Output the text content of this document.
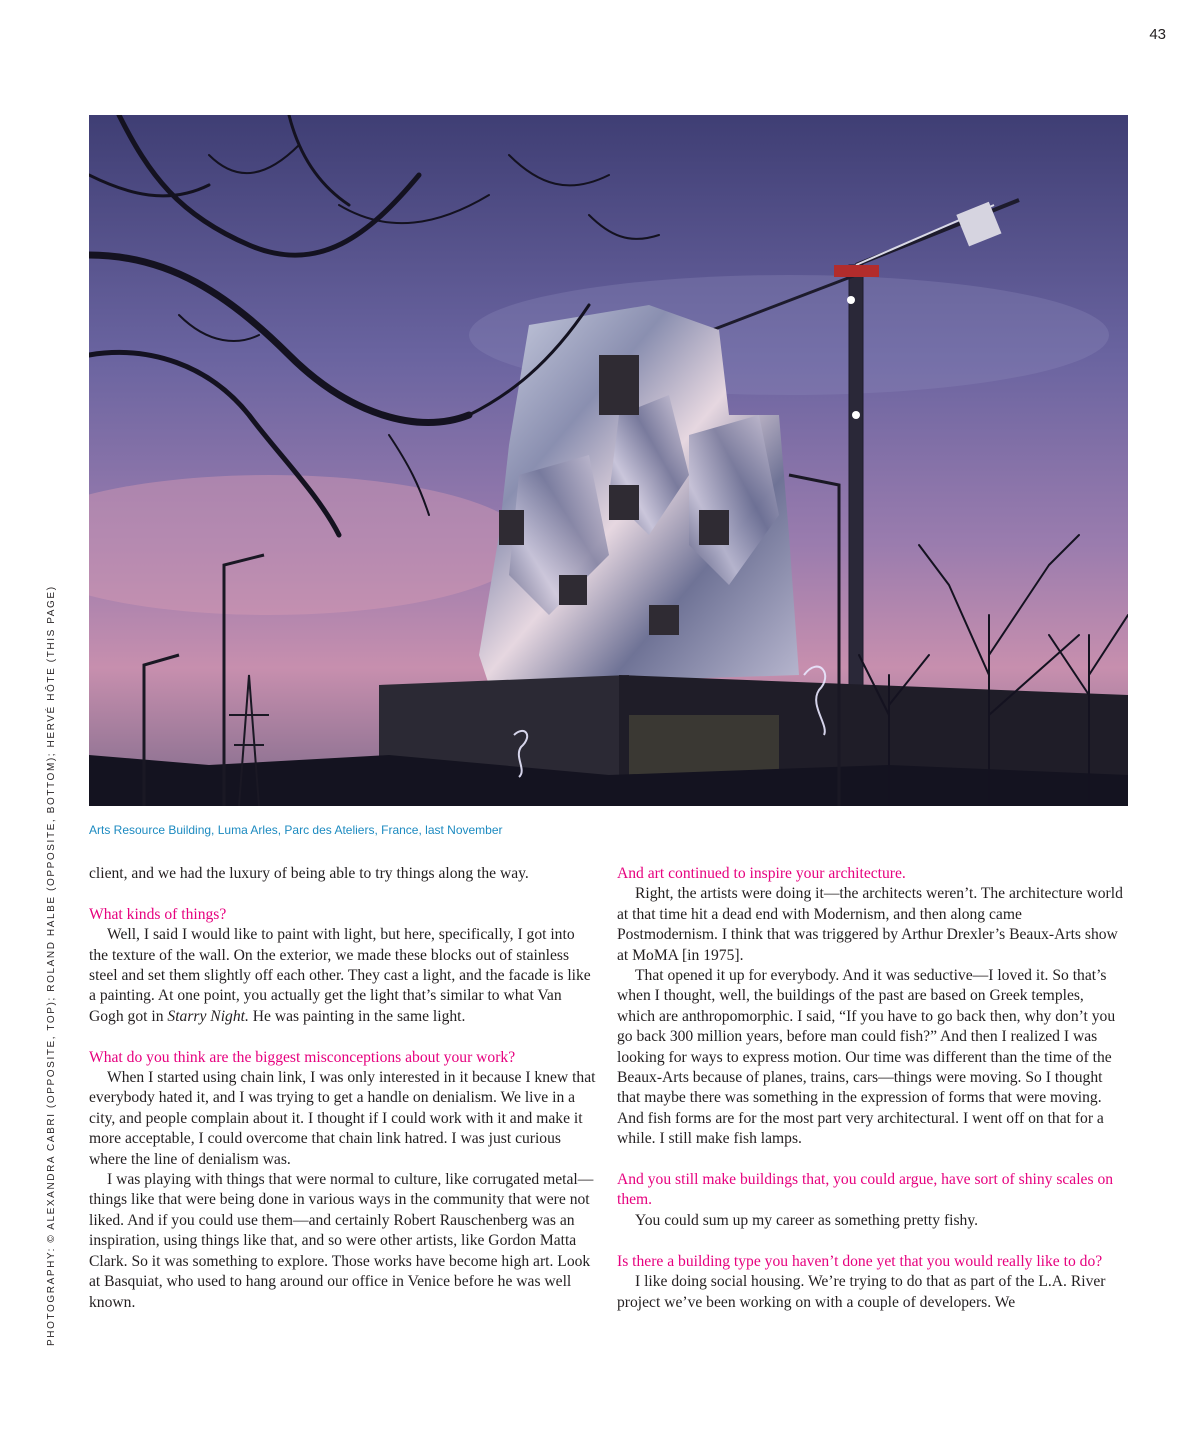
43
PHOTOGRAPHY: © ALEXANDRA CABRI (OPPOSITE, TOP); ROLAND HALBE (OPPOSITE, BOTTOM); HERVÉ HÔTE (THIS PAGE)	Arts Resource Building, Luma Arles, Parc des Ateliers, France, last November

client, and we had the luxury of being able to try things along the way.

What kinds of things?

Well, I said I would like to paint with light, but here, specifically, I got into the texture of the wall. On the exterior, we made these blocks out of stainless steel and set them slightly off each other. They cast a light, and the facade is like a painting. At one point, you actually get the light that’s similar to what Van Gogh got in Starry Night. He was painting in the same light.

What do you think are the biggest misconceptions about your work?

When I started using chain link, I was only interested in it because I knew that everybody hated it, and I was trying to get a handle on denialism. We live in a city, and people complain about it. I thought if I could work with it and make it more acceptable, I could overcome that chain link hatred. I was just curious where the line of denialism was.

I was playing with things that were normal to culture, like corrugated metal—things like that were being done in various ways in the community that were not liked. And if you could use them—and certainly Robert Rauschenberg was an inspiration, using things like that, and so were other artists, like Gordon Matta Clark. So it was something to explore. Those works have become high art. Look at Basquiat, who used to hang around our office in Venice before he was well known.

And art continued to inspire your architecture.

Right, the artists were doing it—the architects weren’t. The architecture world at that time hit a dead end with Modernism, and then along came Postmodernism. I think that was triggered by Arthur Drexler’s Beaux-Arts show at MoMA [in 1975].

That opened it up for everybody. And it was seductive—I loved it. So that’s when I thought, well, the buildings of the past are based on Greek temples, which are anthropomorphic. I said, “If you have to go back then, why don’t you go back 300 million years, before man could fish?” And then I realized I was looking for ways to express motion. Our time was different than the time of the Beaux-Arts because of planes, trains, cars—things were moving. So I thought that maybe there was something in the expression of forms that were moving. And fish forms are for the most part very architectural. I went off on that for a while. I still make fish lamps.

And you still make buildings that, you could argue, have sort of shiny scales on them.

You could sum up my career as something pretty fishy.

Is there a building type you haven’t done yet that you would really like to do?

I like doing social housing. We’re trying to do that as part of the L.A. River project we’ve been working on with a couple of developers. We
